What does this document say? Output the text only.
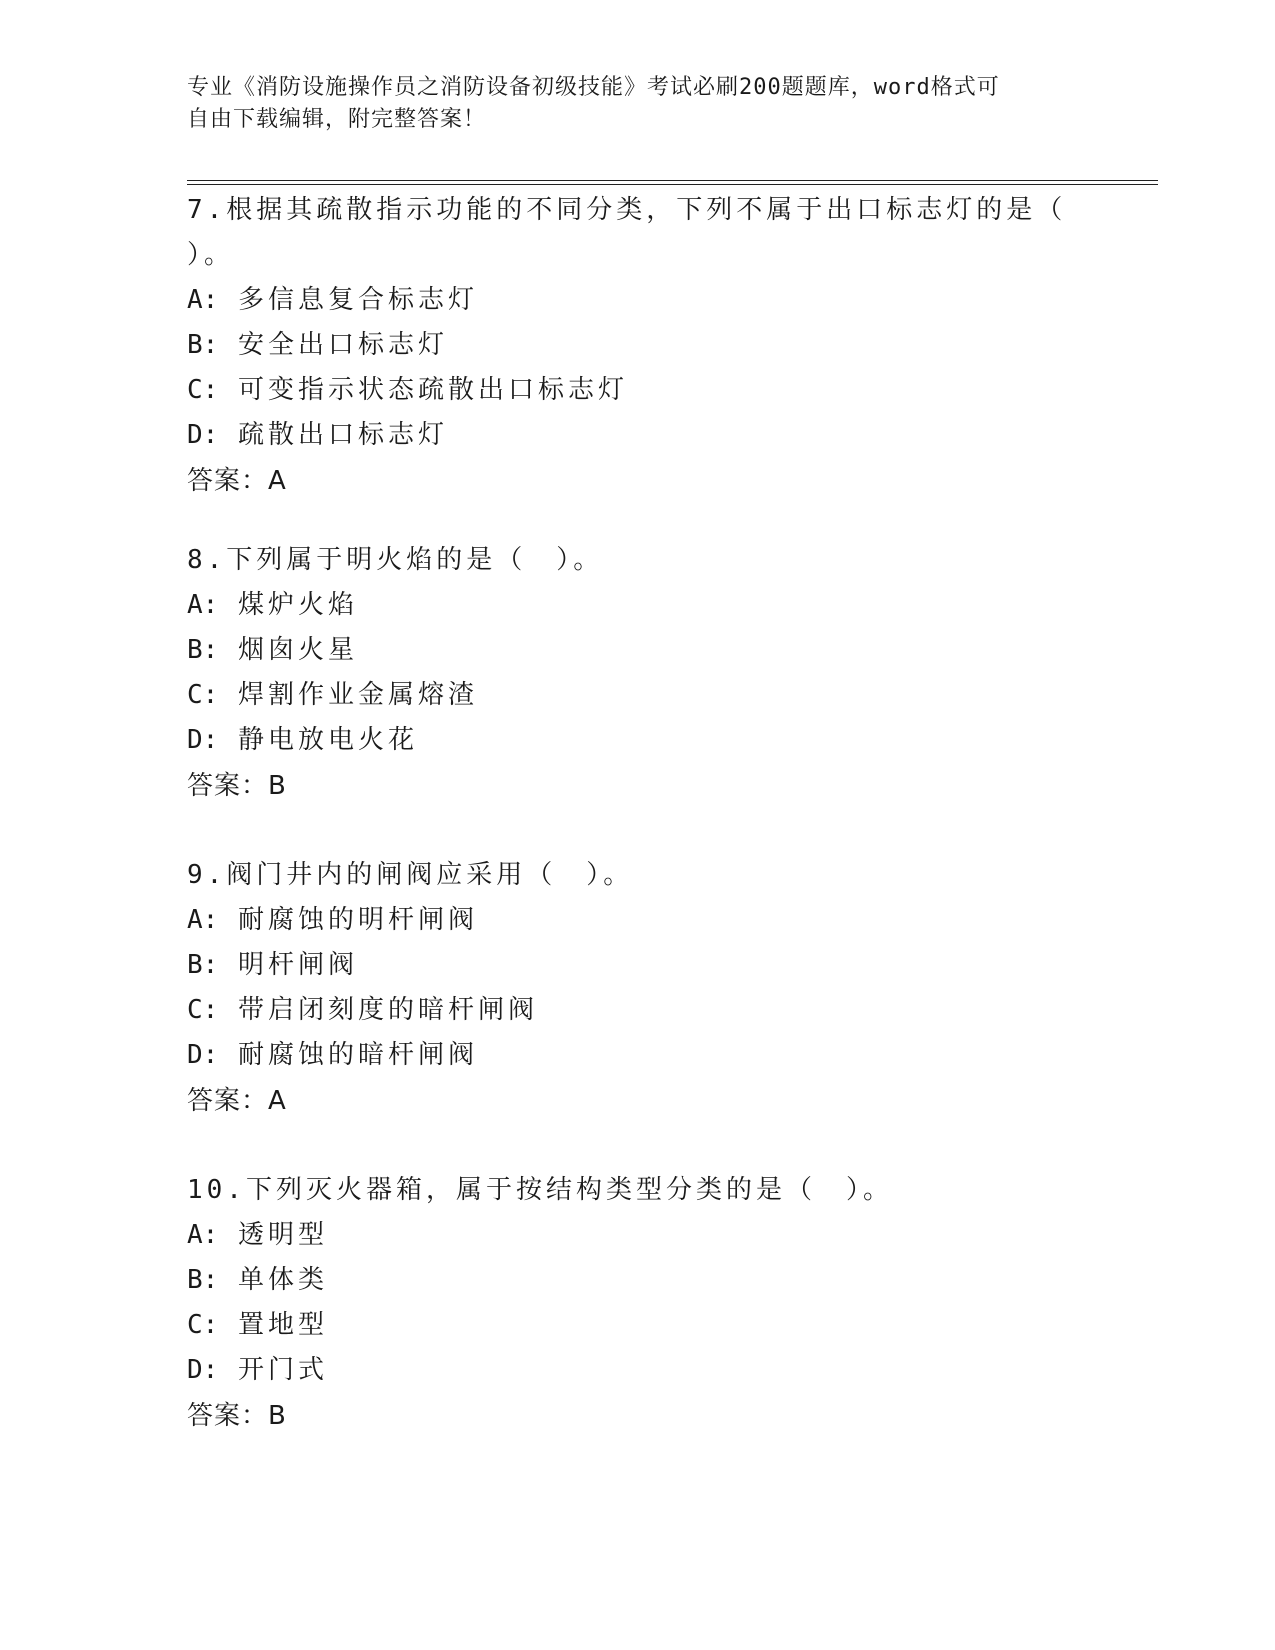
专业《消防设施操作员之消防设备初级技能》考试必刷200题题库，word格式可
自由下载编辑，附完整答案！
7.根据其疏散指示功能的不同分类，下列不属于出口标志灯的是（
）。
A: 多信息复合标志灯
B: 安全出口标志灯
C: 可变指示状态疏散出口标志灯
D: 疏散出口标志灯
答案：A
8.下列属于明火焰的是（　）。
A: 煤炉火焰
B: 烟囱火星
C: 焊割作业金属熔渣
D: 静电放电火花
答案：B
9.阀门井内的闸阀应采用（　）。
A: 耐腐蚀的明杆闸阀
B: 明杆闸阀
C: 带启闭刻度的暗杆闸阀
D: 耐腐蚀的暗杆闸阀
答案：A
10.下列灭火器箱，属于按结构类型分类的是（　）。
A: 透明型
B: 单体类
C: 置地型
D: 开门式
答案：B
